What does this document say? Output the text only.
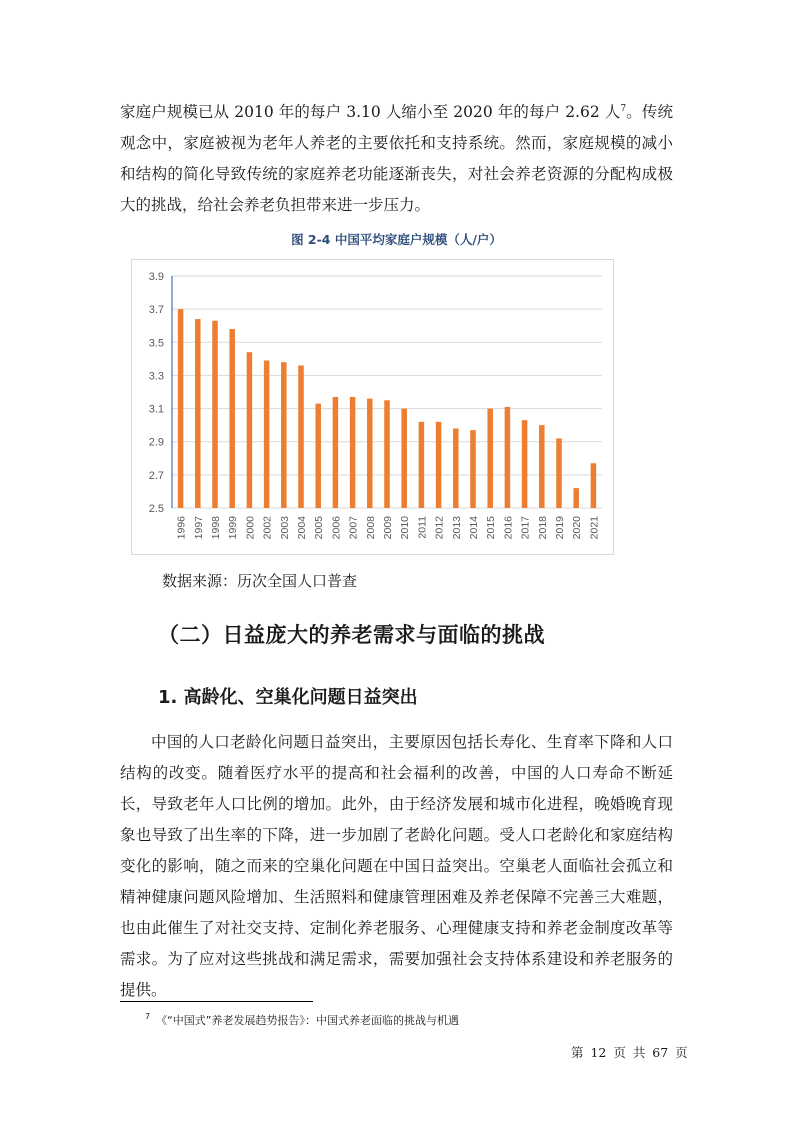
家庭户规模已从 2010 年的每户 3.10 人缩小至 2020 年的每户 2.62 人$^7$。传统观念中，家庭被视为老年人养老的主要依托和支持系统。然而，家庭规模的减小和结构的简化导致传统的家庭养老功能逐渐丧失，对社会养老资源的分配构成极大的挑战，给社会养老负担带来进一步压力。

图 2-4 中国平均家庭户规模（人/户）
2.5
2.7
2.9
3.1
3.3
3.5
3.7
3.9
1996 1997 1998 1999 2000 2002 2003 2004 2005 2006 2007 2008 2009 2010 2011 2012 2013 2014 2015 2016 2017 2018 2019 2020 2021
数据来源：历次全国人口普查
（二）日益庞大的养老需求与面临的挑战
1. 高龄化、空巢化问题日益突出

中国的人口老龄化问题日益突出，主要原因包括长寿化、生育率下降和人口结构的改变。随着医疗水平的提高和社会福利的改善，中国的人口寿命不断延长，导致老年人口比例的增加。此外，由于经济发展和城市化进程，晚婚晚育现象也导致了出生率的下降，进一步加剧了老龄化问题。受人口老龄化和家庭结构变化的影响，随之而来的空巢化问题在中国日益突出。空巢老人面临社会孤立和精神健康问题风险增加、生活照料和健康管理困难及养老保障不完善三大难题，也由此催生了对社交支持、定制化养老服务、心理健康支持和养老金制度改革等需求。为了应对这些挑战和满足需求，需要加强社会支持体系建设和养老服务的提供。

$^7$ 《“中国式”养老发展趋势报告》：中国式养老面临的挑战与机遇
第 12 页 共 67 页
